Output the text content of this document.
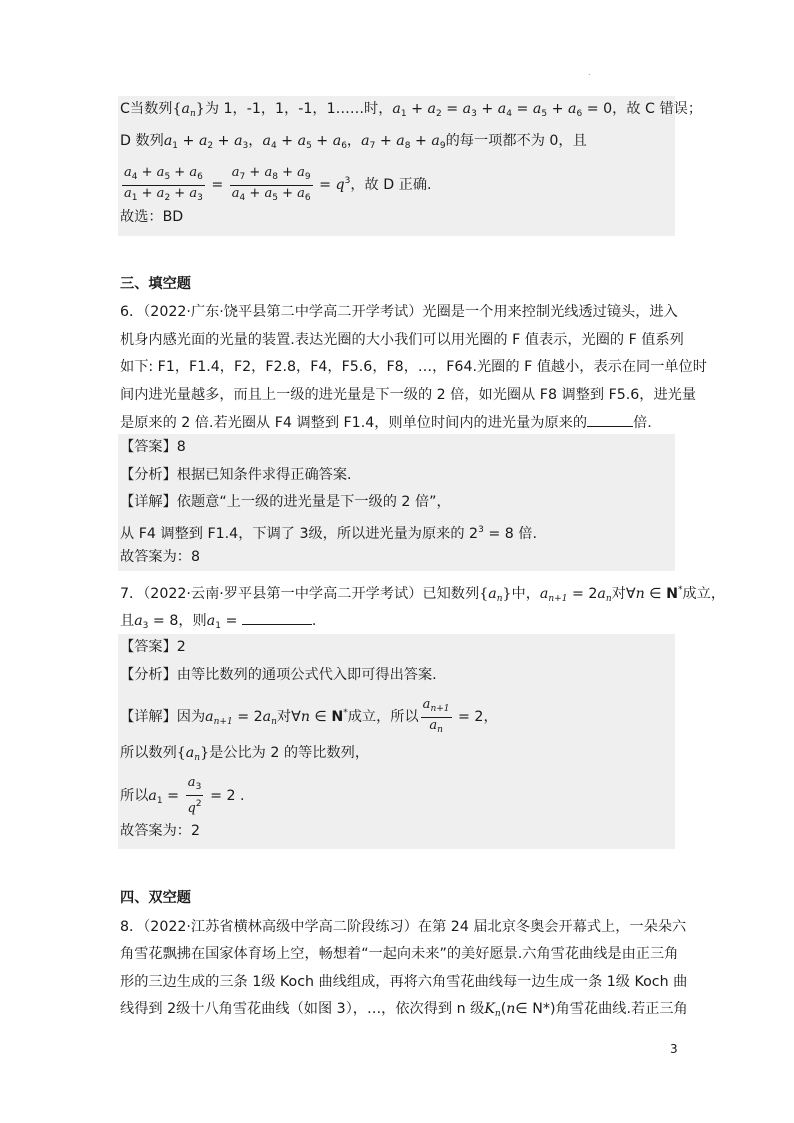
.
C当数列$\{a_n\}$为 1，-1，1，-1，1……时，$a_1 + a_2 = a_3 + a_4 = a_5 + a_6 = 0$，故 C 错误；
D 数列$a_1 + a_2 + a_3$，$a_4 + a_5 + a_6$，$a_7 + a_8 + a_9$的每一项都不为 0，且
$\frac{a_4 + a_5 + a_6}{a_1 + a_2 + a_3} = \frac{a_7 + a_8 + a_9}{a_4 + a_5 + a_6} = q^3$，故 D 正确.
故选：BD
三、填空题
6．（2022·广东·饶平县第二中学高二开学考试）光圈是一个用来控制光线透过镜头，进入
机身内感光面的光量的装置.表达光圈的大小我们可以用光圈的 F 值表示，光圈的 F 值系列
如下: F1，F1.4，F2，F2.8，F4，F5.6，F8，…，F64.光圈的 F 值越小，表示在同一单位时
间内进光量越多，而且上一级的进光量是下一级的 2 倍，如光圈从 F8 调整到 F5.6，进光量
是原来的 2 倍.若光圈从 F4 调整到 F1.4，则单位时间内的进光量为原来的	倍.
【答案】8
【分析】根据已知条件求得正确答案.
【详解】依题意“上一级的进光量是下一级的 2 倍”，
从 F4 调整到 F1.4，下调了 3级，所以进光量为原来的 $2^3 = 8$ 倍.
故答案为：8
7．（2022·云南·罗平县第一中学高二开学考试）已知数列$\{a_n\}$中，$a_{n+1} = 2a_n$对∀n ∈ N*成立，
且$a_3 = 8$，则$a_1$ =	.
【答案】2
【分析】由等比数列的通项公式代入即可得出答案.
【详解】因为$a_{n+1} = 2a_n$对∀n ∈ N*成立，所以 $\frac{a_{n+1}}{a_n} = 2$，
所以数列$\{a_n\}$是公比为 2 的等比数列，
所以$a_1 = \frac{a_3}{q^2} = 2$ .
故答案为：2
四、双空题
8．（2022·江苏省横林高级中学高二阶段练习）在第 24 届北京冬奥会开幕式上，一朵朵六
角雪花飘拂在国家体育场上空，畅想着“一起向未来”的美好愿景.六角雪花曲线是由正三角
形的三边生成的三条 1级 Koch 曲线组成，再将六角雪花曲线每一边生成一条 1级 Koch 曲
线得到 2级十八角雪花曲线（如图 3），…，依次得到 n 级$K_n(n\in$ N*)角雪花曲线.若正三角
3
